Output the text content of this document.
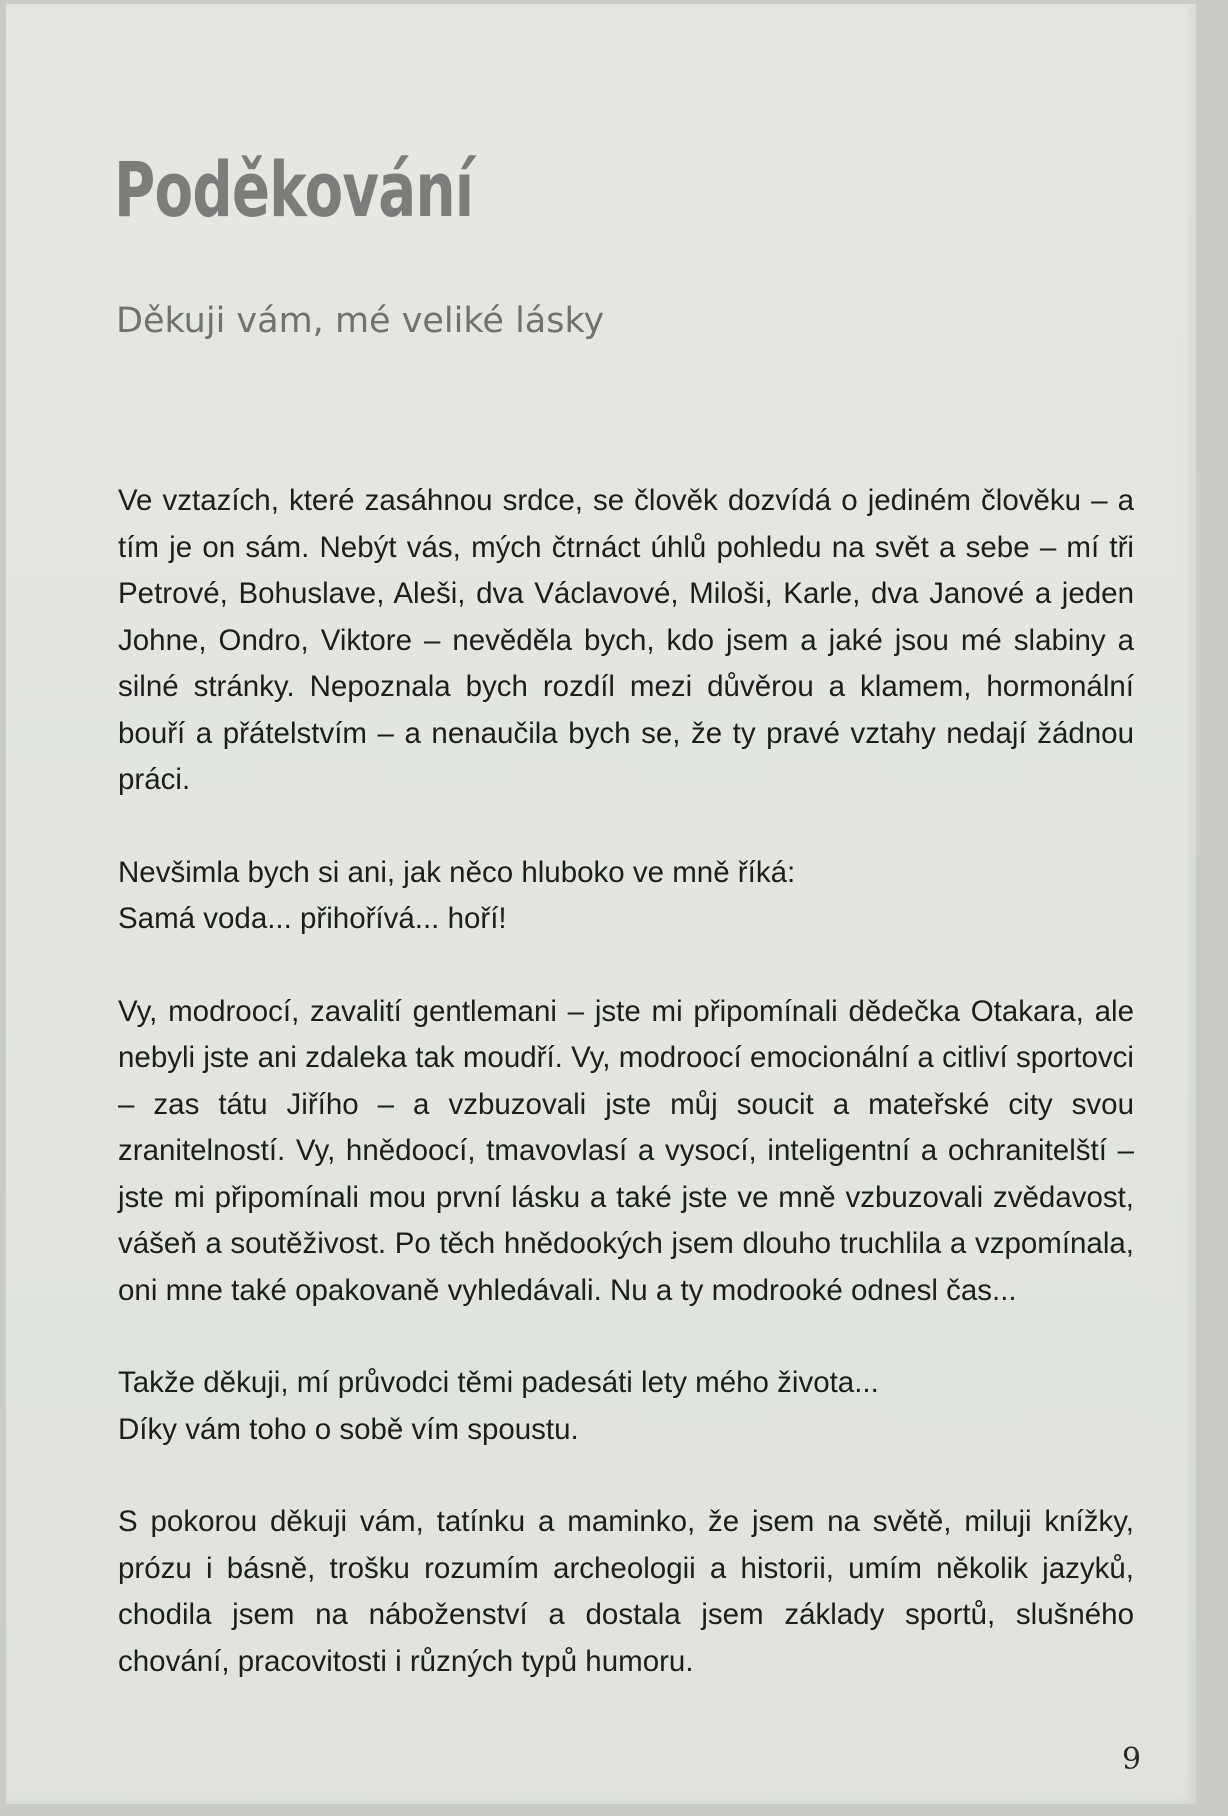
Poděkování
Děkuji vám, mé veliké lásky

Ve vztazích, které zasáhnou srdce, se člověk dozvídá o jediném člověku – a tím je on sám. Nebýt vás, mých čtrnáct úhlů pohledu na svět a sebe – mí tři Petrové, Bohuslave, Aleši, dva Václavové, Miloši, Karle, dva Janové a jeden Johne, Ondro, Viktore – nevěděla bych, kdo jsem a jaké jsou mé slabiny a silné stránky. Nepoznala bych rozdíl mezi důvěrou a klamem, hormonální bouří a přátelstvím – a nenaučila bych se, že ty pravé vztahy nedají žádnou práci.

Nevšimla bych si ani, jak něco hluboko ve mně říká:
Samá voda... přihořívá... hoří!

Vy, modroocí, zavalití gentlemani – jste mi připomínali dědečka Otakara, ale nebyli jste ani zdaleka tak moudří. Vy, modroocí emocionální a citliví sportovci – zas tátu Jiřího – a vzbuzovali jste můj soucit a mateřské city svou zranitelností. Vy, hnědoocí, tmavovlasí a vysocí, inteligentní a ochranitelští – jste mi připomínali mou první lásku a také jste ve mně vzbuzovali zvědavost, vášeň a soutěživost. Po těch hnědookých jsem dlouho truchlila a vzpomínala, oni mne také opakovaně vyhledávali. Nu a ty modrooké odnesl čas...

Takže děkuji, mí průvodci těmi padesáti lety mého života...
Díky vám toho o sobě vím spoustu.

S pokorou děkuji vám, tatínku a maminko, že jsem na světě, miluji knížky, prózu i básně, trošku rozumím archeologii a historii, umím několik jazyků, chodila jsem na náboženství a dostala jsem základy sportů, slušného chování, pracovitosti i různých typů humoru.

9
